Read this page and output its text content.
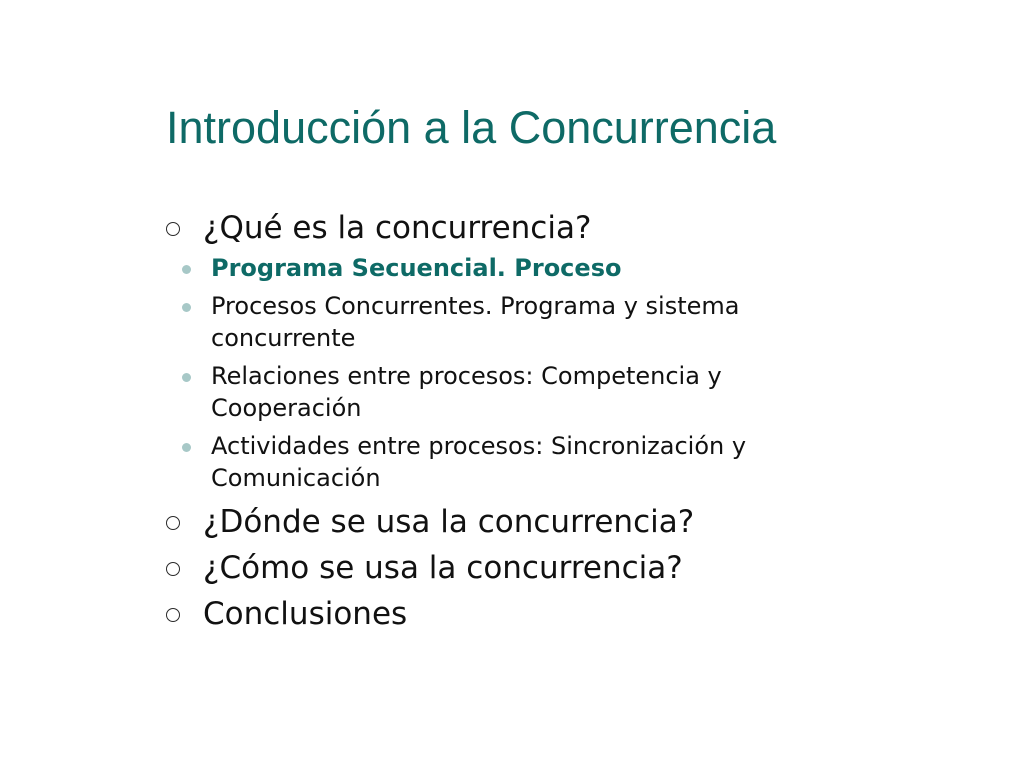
Introducción a la Concurrencia
¿Qué es la concurrencia?
Programa Secuencial. Proceso
Procesos Concurrentes. Programa y sistema concurrente
Relaciones entre procesos: Competencia y Cooperación
Actividades entre procesos: Sincronización y Comunicación
¿Dónde se usa la concurrencia?
¿Cómo se usa la concurrencia?
Conclusiones
